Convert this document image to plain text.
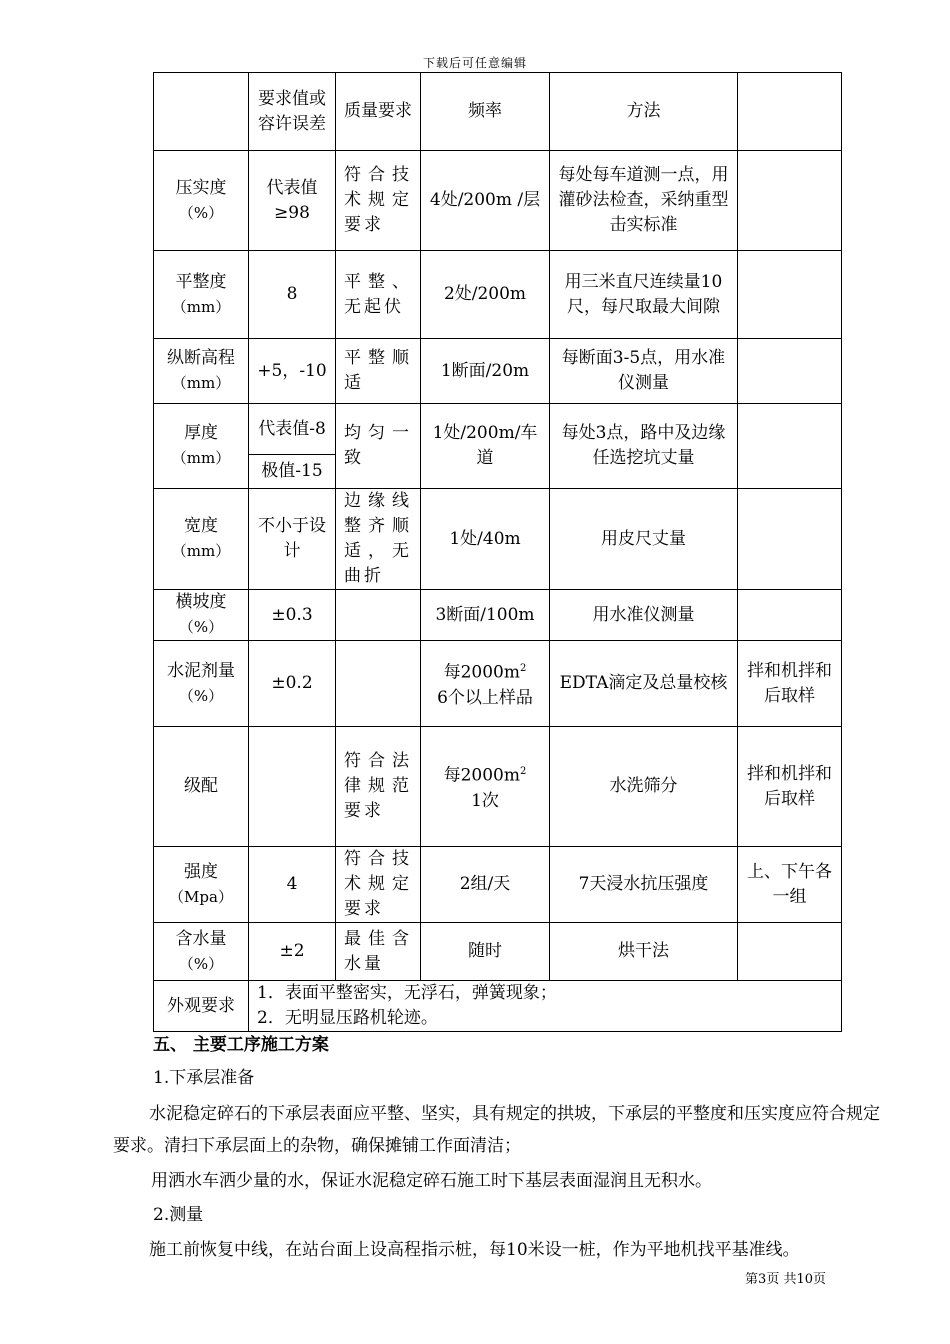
下载后可任意编辑
	要求值或容许误差	质量要求	频率	方法	

压实度
（%）	代表值≥98	符合技术规定要求	4处/200m /层	每处每车道测一点，用灌砂法检查，采纳重型击实标准	

平整度
（mm）	8	平整、无起伏	2处/200m	用三米直尺连续量10尺，每尺取最大间隙	

纵断高程
（mm）	+5，-10	平整顺适	1断面/20m	每断面3-5点，用水准仪测量	

厚度
（mm）	代表值-8	均匀一致	1处/200m/车道	每处3点，路中及边缘任选挖坑丈量	
	极值-15				

宽度
（mm）	不小于设计	边缘线整齐顺适，无曲折	1处/40m	用皮尺丈量	

横坡度
（%）	±0.3		3断面/100m	用水准仪测量	

水泥剂量
（%）	±0.2		每$2000m^2$
6个以上样品	EDTA滴定及总量校核	拌和机拌和后取样
级配		符合法律规范要求	每$2000m^2$
1次	水洗筛分	拌和机拌和后取样

强度
（Mpa）	4	符合技术规定要求	2组/天	7天浸水抗压强度	上、下午各一组

含水量
（%）	±2	最佳含水量	随时	烘干法	
外观要求	1．表面平整密实，无浮石，弹簧现象；
2．无明显压路机轮迹。				
五、 主要工序施工方案
1.下承层准备
水泥稳定碎石的下承层表面应平整、坚实，具有规定的拱坡，下承层的平整度和压实度应符合规定要求。清扫下承层面上的杂物，确保摊铺工作面清洁；
用洒水车洒少量的水，保证水泥稳定碎石施工时下基层表面湿润且无积水。
2.测量
施工前恢复中线，在站台面上设高程指示桩，每10米设一桩，作为平地机找平基准线。
第3页 共10页
